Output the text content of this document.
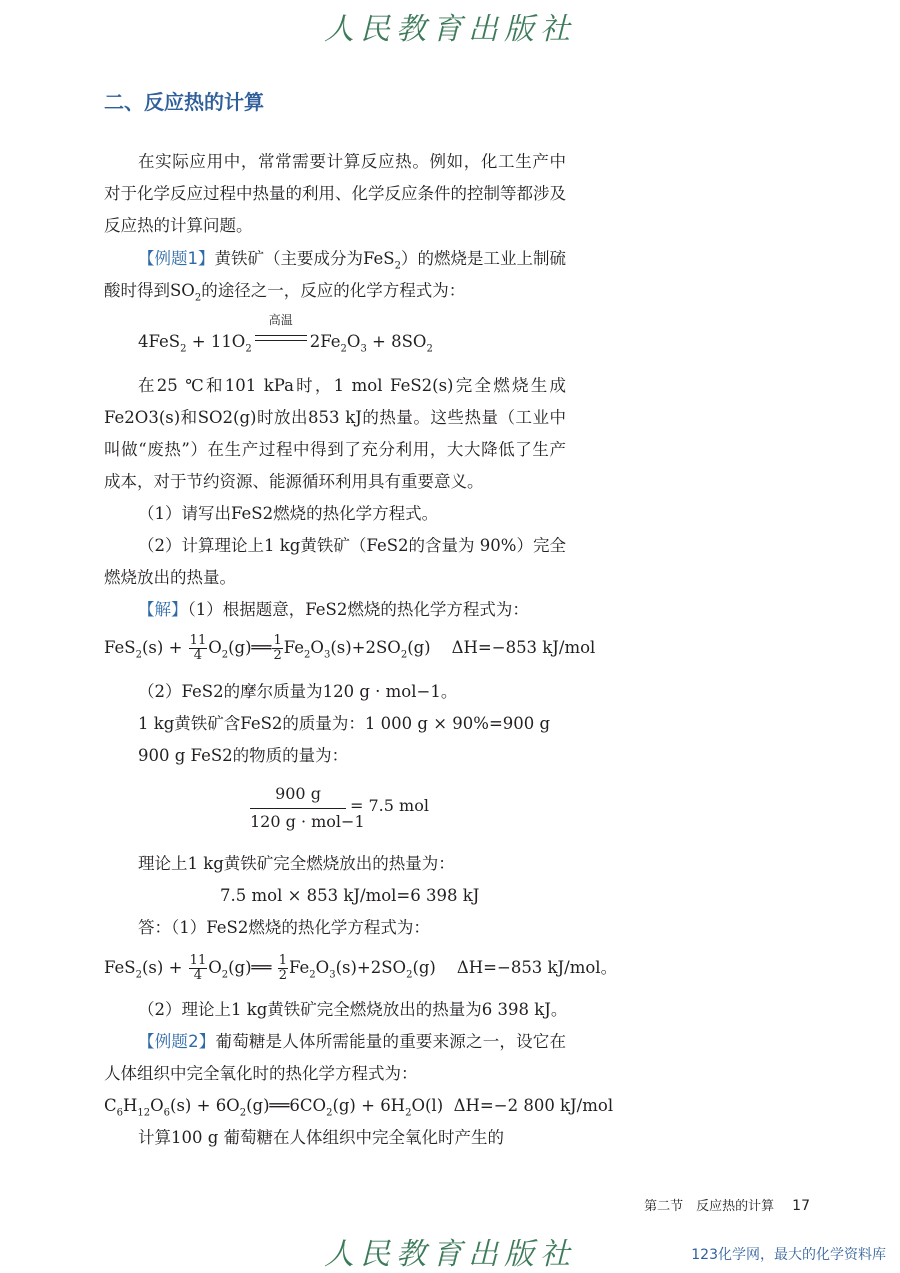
人民教育出版社
二、反应热的计算
在实际应用中，常常需要计算反应热。例如，化工生产中对于化学反应过程中热量的利用、化学反应条件的控制等都涉及反应热的计算问题。
【例题1】黄铁矿（主要成分为FeS$_2$）的燃烧是工业上制硫酸时得到$SO_2$的途径之一，反应的化学方程式为：
$4FeS_2 + 11O_2$
高温
$2Fe_2O_3 + 8SO_2$
在25 ℃和101 kPa时，1 mol FeS2(s)完全燃烧生成Fe2O3(s)和SO2(g)时放出853 kJ的热量。这些热量（工业中叫做“废热”）在生产过程中得到了充分利用，大大降低了生产成本，对于节约资源、能源循环利用具有重要意义。
（1）请写出FeS2燃烧的热化学方程式。
（2）计算理论上1 kg黄铁矿（FeS2的含量为 90%）完全燃烧放出的热量。
【解】（1）根据题意，FeS2燃烧的热化学方程式为：
$FeS_2(s) + \frac{11}{4}$ $O_2(g)══ \frac{1}{2} Fe_2O_3(s)+2SO_2(g)$    ΔH=−853 kJ/mol
（2）FeS2的摩尔质量为120 g · mol−1。
1 kg黄铁矿含FeS2的质量为：1 000 g × 90%=900 g
900 g FeS2的物质的量为：
900 g
120 g · mol−1
= 7.5 mol
理论上1 kg黄铁矿完全燃烧放出的热量为：
7.5 mol × 853 kJ/mol=6 398 kJ
答：（1）FeS2燃烧的热化学方程式为：
$FeS_2(s) + \frac{11}{4}$ $O_2(g)══ \frac{1}{2} Fe_2O_3(s)+2SO_2(g)$    ΔH=−853 kJ/mol。
（2）理论上1 kg黄铁矿完全燃烧放出的热量为6 398 kJ。
【例题2】葡萄糖是人体所需能量的重要来源之一，设它在人体组织中完全氧化时的热化学方程式为：
$C_6H_{12}O_6(s)$ + $6O_2(g)══6CO_2(g) + 6H_2O(l)$  ΔH=−2 800 kJ/mol
计算100 g 葡萄糖在人体组织中完全氧化时产生的
第二节　反应热的计算 17
人民教育出版社	123化学网，最大的化学资料库
